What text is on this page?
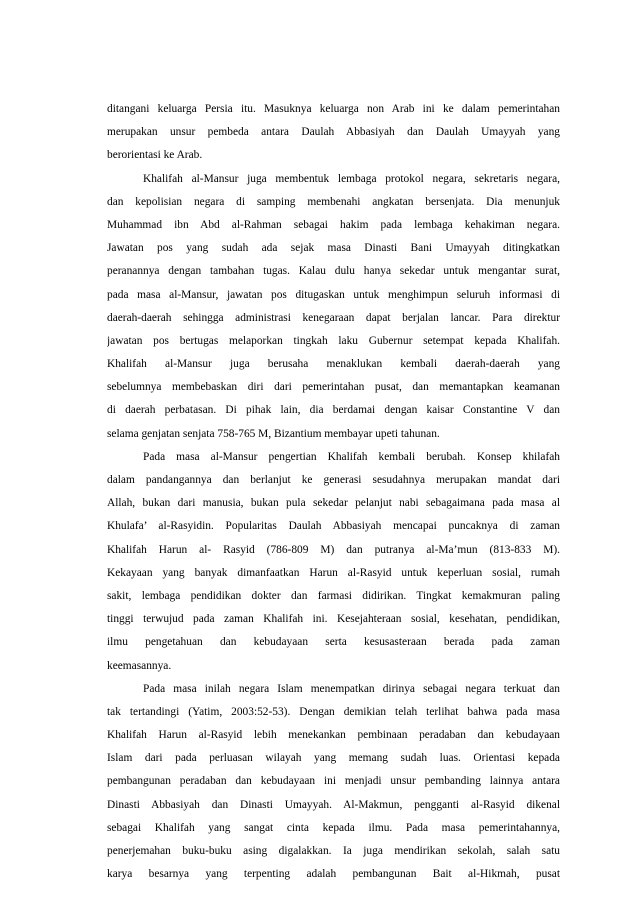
ditangani keluarga Persia itu. Masuknya keluarga non Arab ini ke dalam pemerintahan
merupakan unsur pembeda antara Daulah Abbasiyah dan Daulah Umayyah yang
berorientasi ke Arab.
Khalifah al-Mansur juga membentuk lembaga protokol negara, sekretaris negara,
dan kepolisian negara di samping membenahi angkatan bersenjata. Dia menunjuk
Muhammad ibn Abd al-Rahman sebagai hakim pada lembaga kehakiman negara.
Jawatan pos yang sudah ada sejak masa Dinasti Bani Umayyah ditingkatkan
peranannya dengan tambahan tugas. Kalau dulu hanya sekedar untuk mengantar surat,
pada masa al-Mansur, jawatan pos ditugaskan untuk menghimpun seluruh informasi di
daerah-daerah sehingga administrasi kenegaraan dapat berjalan lancar. Para direktur
jawatan pos bertugas melaporkan tingkah laku Gubernur setempat kepada Khalifah.
Khalifah al-Mansur juga berusaha menaklukan kembali daerah-daerah yang
sebelumnya membebaskan diri dari pemerintahan pusat, dan memantapkan keamanan
di daerah perbatasan. Di pihak lain, dia berdamai dengan kaisar Constantine V dan
selama genjatan senjata 758-765 M, Bizantium membayar upeti tahunan.
Pada masa al-Mansur pengertian Khalifah kembali berubah. Konsep khilafah
dalam pandangannya dan berlanjut ke generasi sesudahnya merupakan mandat dari
Allah, bukan dari manusia, bukan pula sekedar pelanjut nabi sebagaimana pada masa al
Khulafa’ al-Rasyidin. Popularitas Daulah Abbasiyah mencapai puncaknya di zaman
Khalifah Harun al- Rasyid (786-809 M) dan putranya al-Ma’mun (813-833 M).
Kekayaan yang banyak dimanfaatkan Harun al-Rasyid untuk keperluan sosial, rumah
sakit, lembaga pendidikan dokter dan farmasi didirikan. Tingkat kemakmuran paling
tinggi terwujud pada zaman Khalifah ini. Kesejahteraan sosial, kesehatan, pendidikan,
ilmu pengetahuan dan kebudayaan serta kesusasteraan berada pada zaman
keemasannya.
Pada masa inilah negara Islam menempatkan dirinya sebagai negara terkuat dan
tak tertandingi (Yatim, 2003:52-53). Dengan demikian telah terlihat bahwa pada masa
Khalifah Harun al-Rasyid lebih menekankan pembinaan peradaban dan kebudayaan
Islam dari pada perluasan wilayah yang memang sudah luas. Orientasi kepada
pembangunan peradaban dan kebudayaan ini menjadi unsur pembanding lainnya antara
Dinasti Abbasiyah dan Dinasti Umayyah. Al-Makmun, pengganti al-Rasyid dikenal
sebagai Khalifah yang sangat cinta kepada ilmu. Pada masa pemerintahannya,
penerjemahan buku-buku asing digalakkan. Ia juga mendirikan sekolah, salah satu
karya besarnya yang terpenting adalah pembangunan Bait al-Hikmah, pusat
